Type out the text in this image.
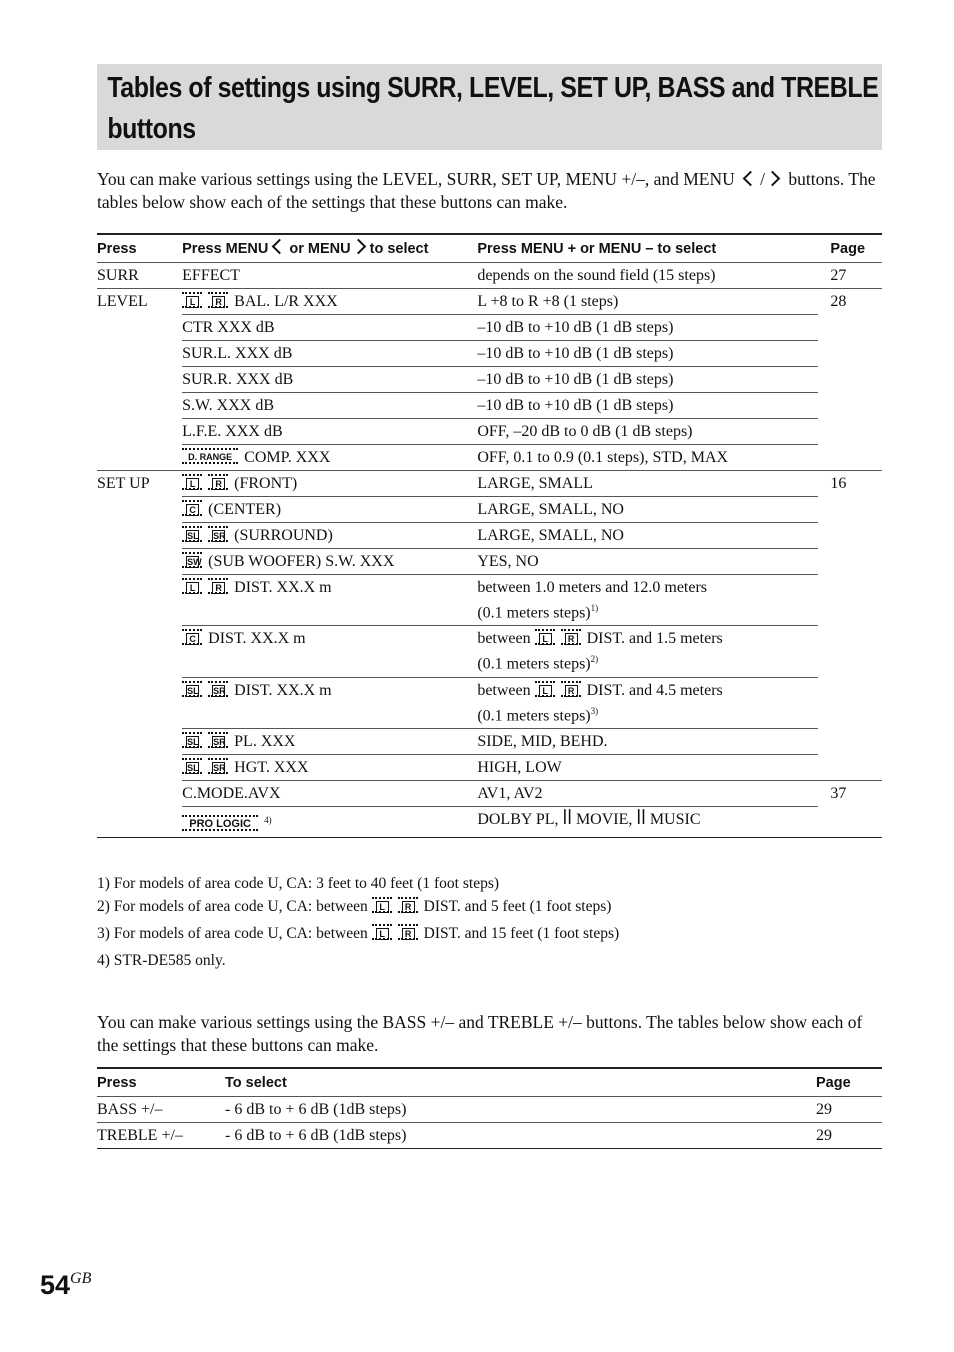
Tables of settings using SURR, LEVEL, SET UP, BASS and TREBLE buttons
You can make various settings using the LEVEL, SURR, SET UP, MENU +/–, and MENU / buttons. The tables below show each of the settings that these buttons can make.
Press	Press MENU or MENU to select	Press MENU + or MENU – to select	Page
SURR	EFFECT	depends on the sound field (15 steps)	27
LEVEL	L R BAL. L/R XXX	L +8 to R +8 (1 steps)	28
	CTR XXX dB	–10 dB to +10 dB (1 dB steps)	
	SUR.L. XXX dB	–10 dB to +10 dB (1 dB steps)	
	SUR.R. XXX dB	–10 dB to +10 dB (1 dB steps)	
	S.W. XXX dB	–10 dB to +10 dB (1 dB steps)	
	L.F.E. XXX dB	OFF, –20 dB to 0 dB (1 dB steps)	

	D. RANGE COMP. XXX	OFF, 0.1 to 0.9 (0.1 steps), STD, MAX	
SET UP	L R (FRONT)	LARGE, SMALL	16

	C (CENTER)	LARGE, SMALL, NO	

	SL SR (SURROUND)	LARGE, SMALL, NO	

	SW (SUB WOOFER) S.W. XXX	YES, NO	

	L R DIST. XX.X m	between 1.0 meters and 12.0 meters
(0.1 meters steps)$^{1)}$

	C DIST. XX.X m	between L R DIST. and 1.5 meters
(0.1 meters steps)$^{2)}$

	SL SR DIST. XX.X m	between L R DIST. and 4.5 meters
(0.1 meters steps)$^{3)}$

	SL SR PL. XXX	SIDE, MID, BEHD.	

	SL SR HGT. XXX	HIGH, LOW	
	C.MODE.AVX	AV1, AV2	37

	PRO LOGIC $^{4)}$	DOLBY PL, ꟾꟾ MOVIE, ꟾꟾ MUSIC	
1) For models of area code U, CA: 3 feet to 40 feet (1 foot steps)
2) For models of area code U, CA: between	L	R DIST. and 5 feet (1 foot steps)
3) For models of area code U, CA: between	L	R DIST. and 15 feet (1 foot steps)
4) STR-DE585 only.
You can make various settings using the BASS +/– and TREBLE +/– buttons. The tables below show each of the settings that these buttons can make.
Press	To select	Page
BASS +/–	- 6 dB to + 6 dB (1dB steps)	29
TREBLE +/–	- 6 dB to + 6 dB (1dB steps)	29
$54^{GB}$
